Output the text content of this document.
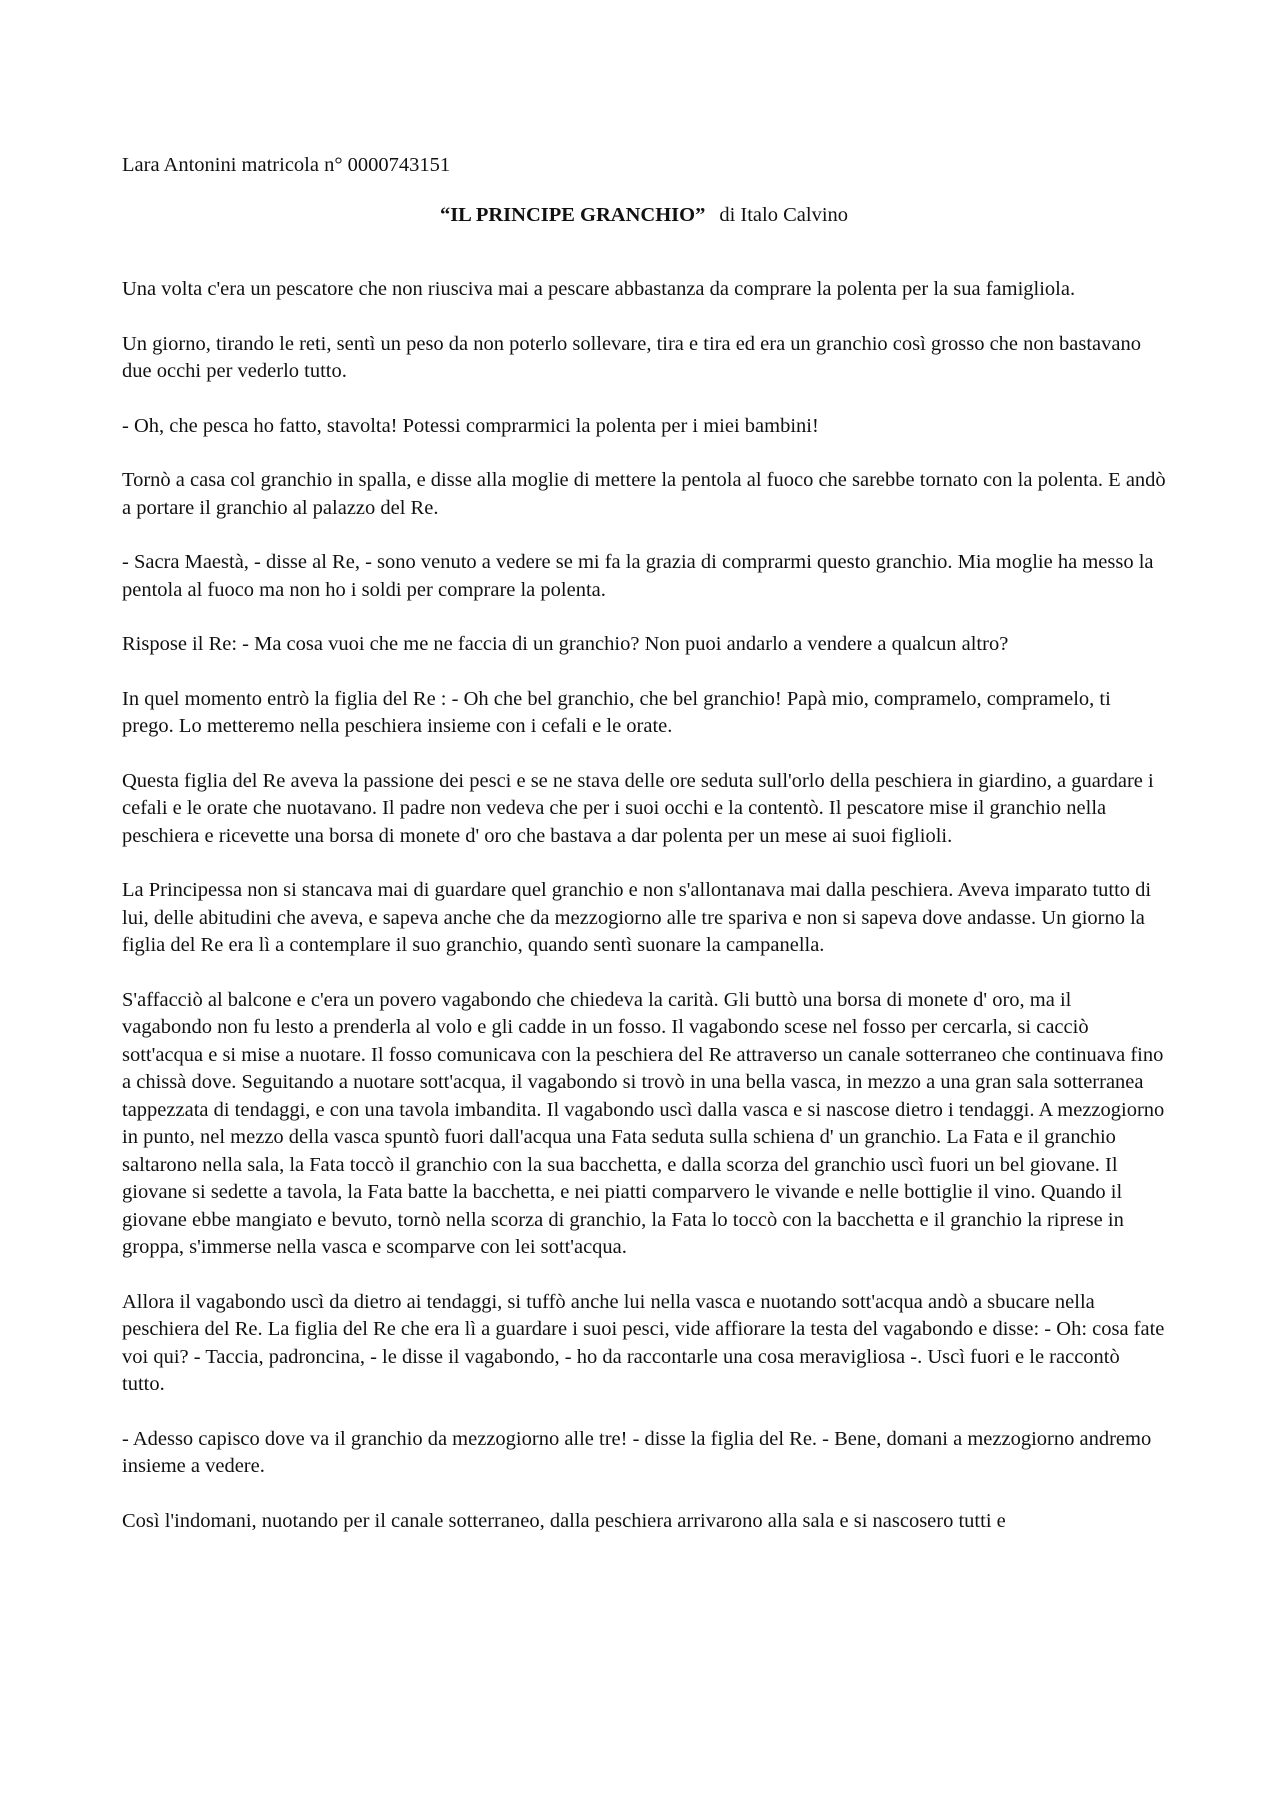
Lara Antonini matricola n° 0000743151
“IL PRINCIPE GRANCHIO” di Italo Calvino

Una volta c'era un pescatore che non riusciva mai a pescare abbastanza da comprare la polenta per la sua famigliola.

Un giorno, tirando le reti, sentì un peso da non poterlo sollevare, tira e tira ed era un granchio così grosso che non bastavano due occhi per vederlo tutto.

- Oh, che pesca ho fatto, stavolta! Potessi comprarmici la polenta per i miei bambini!

Tornò a casa col granchio in spalla, e disse alla moglie di mettere la pentola al fuoco che sarebbe tornato con la polenta. E andò a portare il granchio al palazzo del Re.

- Sacra Maestà, - disse al Re, - sono venuto a vedere se mi fa la grazia di comprarmi questo granchio. Mia moglie ha messo la pentola al fuoco ma non ho i soldi per comprare la polenta.

Rispose il Re: - Ma cosa vuoi che me ne faccia di un granchio? Non puoi andarlo a vendere a qualcun altro?

In quel momento entrò la figlia del Re : - Oh che bel granchio, che bel granchio! Papà mio, compramelo, compramelo, ti prego. Lo metteremo nella peschiera insieme con i cefali e le orate.

Questa figlia del Re aveva la passione dei pesci e se ne stava delle ore seduta sull'orlo della peschiera in giardino, a guardare i cefali e le orate che nuotavano. Il padre non vedeva che per i suoi occhi e la contentò. Il pescatore mise il granchio nella peschiera e ricevette una borsa di monete d' oro che bastava a dar polenta per un mese ai suoi figlioli.

La Principessa non si stancava mai di guardare quel granchio e non s'allontanava mai dalla peschiera. Aveva imparato tutto di lui, delle abitudini che aveva, e sapeva anche che da mezzogiorno alle tre spariva e non si sapeva dove andasse. Un giorno la figlia del Re era lì a contemplare il suo granchio, quando sentì suonare la campanella.

S'affacciò al balcone e c'era un povero vagabondo che chiedeva la carità. Gli buttò una borsa di monete d' oro, ma il vagabondo non fu lesto a prenderla al volo e gli cadde in un fosso. Il vagabondo scese nel fosso per cercarla, si cacciò sott'acqua e si mise a nuotare. Il fosso comunicava con la peschiera del Re attraverso un canale sotterraneo che continuava fino a chissà dove. Seguitando a nuotare sott'acqua, il vagabondo si trovò in una bella vasca, in mezzo a una gran sala sotterranea tappezzata di tendaggi, e con una tavola imbandita. Il vagabondo uscì dalla vasca e si nascose dietro i tendaggi. A mezzogiorno in punto, nel mezzo della vasca spuntò fuori dall'acqua una Fata seduta sulla schiena d' un granchio. La Fata e il granchio saltarono nella sala, la Fata toccò il granchio con la sua bacchetta, e dalla scorza del granchio uscì fuori un bel giovane. Il giovane si sedette a tavola, la Fata batte la bacchetta, e nei piatti comparvero le vivande e nelle bottiglie il vino. Quando il giovane ebbe mangiato e bevuto, tornò nella scorza di granchio, la Fata lo toccò con la bacchetta e il granchio la riprese in groppa, s'immerse nella vasca e scomparve con lei sott'acqua.

Allora il vagabondo uscì da dietro ai tendaggi, si tuffò anche lui nella vasca e nuotando sott'acqua andò a sbucare nella peschiera del Re. La figlia del Re che era lì a guardare i suoi pesci, vide affiorare la testa del vagabondo e disse: - Oh: cosa fate voi qui? - Taccia, padroncina, - le disse il vagabondo, - ho da raccontarle una cosa meravigliosa -. Uscì fuori e le raccontò tutto.

- Adesso capisco dove va il granchio da mezzogiorno alle tre! - disse la figlia del Re. - Bene, domani a mezzogiorno andremo insieme a vedere.

Così l'indomani, nuotando per il canale sotterraneo, dalla peschiera arrivarono alla sala e si nascosero tutti e
